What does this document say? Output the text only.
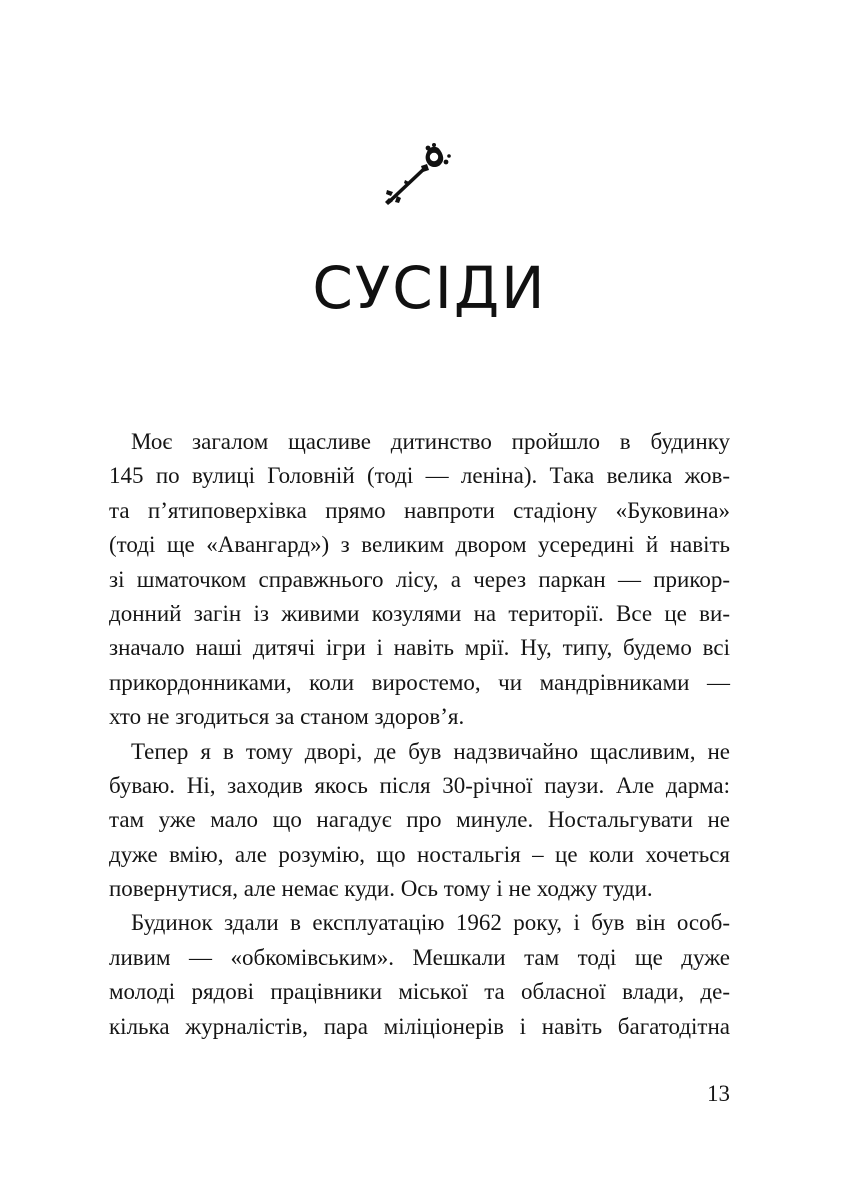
СУСІДИ

Моє загалом щасливе дитинство пройшло в будинку
145 по вулиці Головній (тоді — леніна). Така велика жов-
та п’ятиповерхівка прямо навпроти стадіону «Буковина»
(тоді ще «Авангард») з великим двором усередині й навіть
зі шматочком справжнього лісу, а через паркан — прикор-
донний загін із живими козулями на території. Все це ви-
значало наші дитячі ігри і навіть мрії. Ну, типу, будемо всі
прикордонниками, коли виростемо, чи мандрівниками —
хто не згодиться за станом здоров’я.

Тепер я в тому дворі, де був надзвичайно щасливим, не
буваю. Ні, заходив якось після 30-річної паузи. Але дарма:
там уже мало що нагадує про минуле. Ностальгувати не
дуже вмію, але розумію, що ностальгія – це коли хочеться
повернутися, але немає куди. Ось тому і не ходжу туди.

Будинок здали в експлуатацію 1962 року, і був він особ-
ливим — «обкомівським». Мешкали там тоді ще дуже
молоді рядові працівники міської та обласної влади, де-
кілька журналістів, пара міліціонерів і навіть багатодітна

13
